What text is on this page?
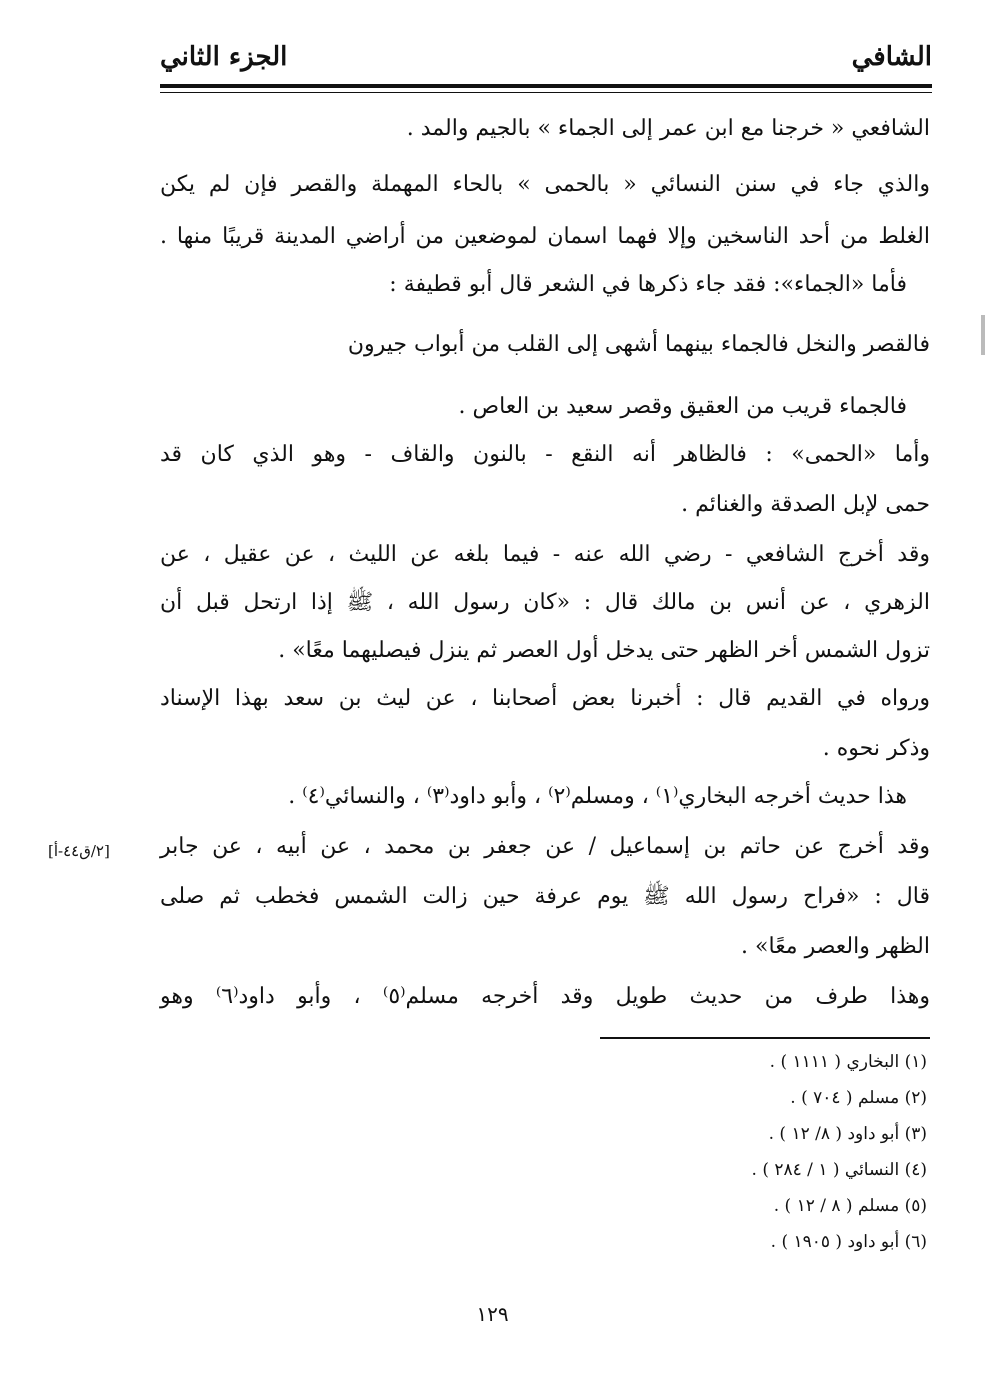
الشافي
الجزء الثاني
الشافعي « خرجنا مع ابن عمر إلى الجماء » بالجيم والمد .
والذي جاء في سنن النسائي « بالحمى » بالحاء المهملة والقصر فإن لم يكن
الغلط من أحد الناسخين وإلا فهما اسمان لموضعين من أراضي المدينة قريبًا منها .
فأما «الجماء»: فقد جاء ذكرها في الشعر قال أبو قطيفة :
فالقصر والنخل فالجماء بينهما أشهى إلى القلب من أبواب جيرون
فالجماء قريب من العقيق وقصر سعيد بن العاص .
وأما «الحمى» : فالظاهر أنه النقع - بالنون والقاف - وهو الذي كان قد
حمى لإبل الصدقة والغنائم .
وقد أخرج الشافعي - رضي الله عنه - فيما بلغه عن الليث ، عن عقيل ، عن
الزهري ، عن أنس بن مالك قال : «كان رسول الله ، ﷺ إذا ارتحل قبل أن
تزول الشمس أخر الظهر حتى يدخل أول العصر ثم ينزل فيصليهما معًا» .
ورواه في القديم قال : أخبرنا بعض أصحابنا ، عن ليث بن سعد بهذا الإسناد
وذكر نحوه .
هذا حديث أخرجه البخاري⁽١⁾ ، ومسلم⁽٢⁾ ، وأبو داود⁽٣⁾ ، والنسائي⁽٤⁾ .
وقد أخرج عن حاتم بن إسماعيل / عن جعفر بن محمد ، عن أبيه ، عن جابر
قال : «فراح رسول الله ﷺ يوم عرفة حين زالت الشمس فخطب ثم صلى
الظهر والعصر معًا» .
وهذا طرف من حديث طويل وقد أخرجه مسلم⁽٥⁾ ، وأبو داود⁽٦⁾ وهو
[٢/ق٤٤-أ]
(١) البخاري ( ١١١١ ) .
(٢) مسلم ( ٧٠٤ ) .
(٣) أبو داود ( ٨/ ١٢ ) .
(٤) النسائي ( ١ / ٢٨٤ ) .
(٥) مسلم ( ٨ / ١٢ ) .
(٦) أبو داود ( ١٩٠٥ ) .
١٢٩
